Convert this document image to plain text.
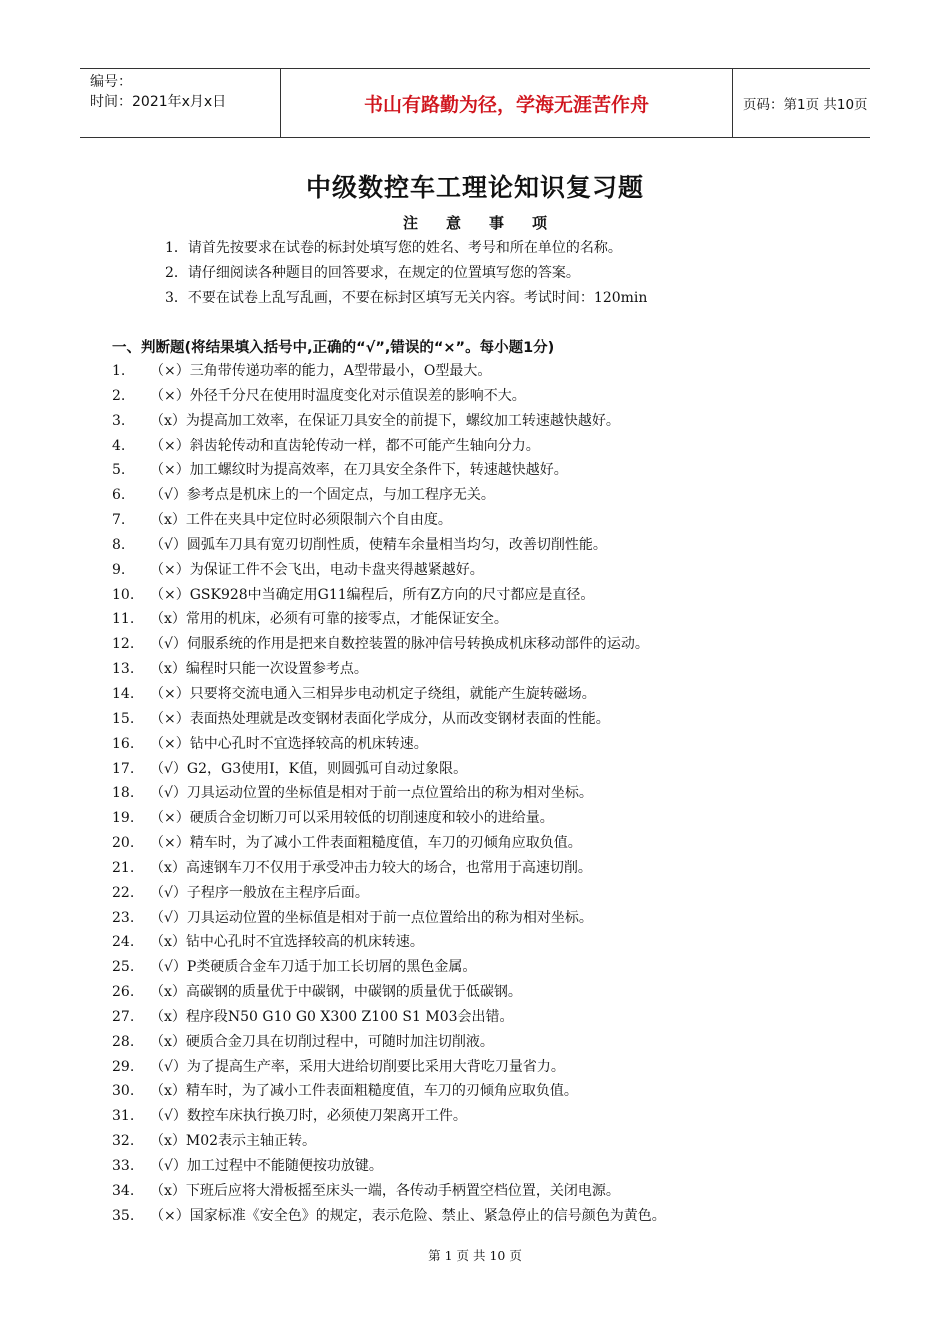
编号：
时间：2021年x月x日	书山有路勤为径，学海无涯苦作舟	页码：第1页 共10页
中级数控车工理论知识复习题
注意事项
1．请首先按要求在试卷的标封处填写您的姓名、考号和所在单位的名称。
2．请仔细阅读各种题目的回答要求，在规定的位置填写您的答案。
3．不要在试卷上乱写乱画，不要在标封区填写无关内容。考试时间：120min
一、判断题(将结果填入括号中,正确的“√”,错误的“×”。每小题1分)
1. （×）三角带传递功率的能力，A型带最小，O型最大。
2. （×）外径千分尺在使用时温度变化对示值误差的影响不大。
3. （x）为提高加工效率，在保证刀具安全的前提下，螺纹加工转速越快越好。
4. （×）斜齿轮传动和直齿轮传动一样，都不可能产生轴向分力。
5. （×）加工螺纹时为提高效率，在刀具安全条件下，转速越快越好。
6. （√）参考点是机床上的一个固定点，与加工程序无关。
7. （x）工件在夹具中定位时必须限制六个自由度。
8. （√）圆弧车刀具有宽刃切削性质，使精车余量相当均匀，改善切削性能。
9. （×）为保证工件不会飞出，电动卡盘夹得越紧越好。
10. （×）GSK928中当确定用G11编程后，所有Z方向的尺寸都应是直径。
11. （x）常用的机床，必须有可靠的接零点，才能保证安全。
12. （√）伺服系统的作用是把来自数控装置的脉冲信号转换成机床移动部件的运动。
13. （x）编程时只能一次设置参考点。
14. （×）只要将交流电通入三相异步电动机定子绕组，就能产生旋转磁场。
15. （×）表面热处理就是改变钢材表面化学成分，从而改变钢材表面的性能。
16. （×）钻中心孔时不宜选择较高的机床转速。
17. （√）G2，G3使用I，K值，则圆弧可自动过象限。
18. （√）刀具运动位置的坐标值是相对于前一点位置给出的称为相对坐标。
19. （×）硬质合金切断刀可以采用较低的切削速度和较小的进给量。
20. （×）精车时，为了减小工件表面粗糙度值，车刀的刃倾角应取负值。
21. （x）高速钢车刀不仅用于承受冲击力较大的场合，也常用于高速切削。
22. （√）子程序一般放在主程序后面。
23. （√）刀具运动位置的坐标值是相对于前一点位置给出的称为相对坐标。
24. （x）钻中心孔时不宜选择较高的机床转速。
25. （√）P类硬质合金车刀适于加工长切屑的黑色金属。
26. （x）高碳钢的质量优于中碳钢，中碳钢的质量优于低碳钢。
27. （x）程序段N50 G10 G0 X300 Z100 S1 M03会出错。
28. （x）硬质合金刀具在切削过程中，可随时加注切削液。
29. （√）为了提高生产率，采用大进给切削要比采用大背吃刀量省力。
30. （x）精车时，为了减小工件表面粗糙度值，车刀的刃倾角应取负值。
31. （√）数控车床执行换刀时，必须使刀架离开工件。
32. （x）M02表示主轴正转。
33. （√）加工过程中不能随便按功放键。
34. （x）下班后应将大滑板摇至床头一端，各传动手柄置空档位置，关闭电源。
35. （×）国家标准《安全色》的规定，表示危险、禁止、紧急停止的信号颜色为黄色。
第 1 页 共 10 页
